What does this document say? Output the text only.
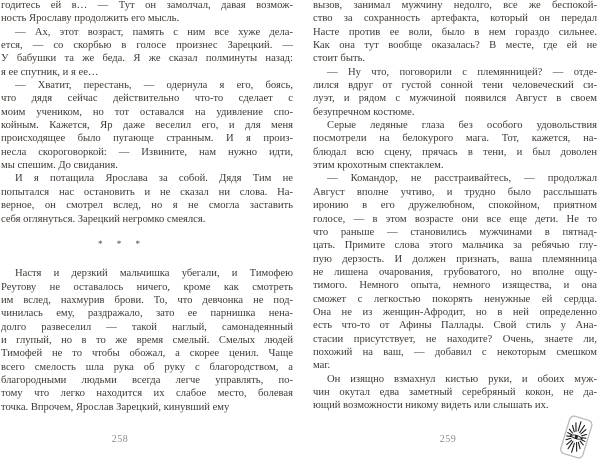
годитесь ей в… — Тут он замолчал, давая возмож-
ность Ярославу продолжить его мысль.
— Ах, этот возраст, память с ним все хуже дела-
ется, — со скорбью в голосе произнес Зарецкий. —
У бабушки та же беда. Я же сказал полминуты назад:
я ее спутник, и я ее…
— Хватит, перестань, — одернула я его, боясь,
что дядя сейчас действительно что-то сделает с
моим учеником, но тот оставался на удивление спо-
койным. Кажется, Яр даже веселил его, и для меня
происходящее было пугающе странным. И я произ-
несла скороговоркой: — Извините, нам нужно идти,
мы спешим. До свидания.
И я потащила Ярослава за собой. Дядя Тим не
попытался нас остановить и не сказал ни слова. На-
верное, он смотрел вслед, но я не смогла заставить
себя оглянуться. Зарецкий негромко смеялся.
* * *
Настя и дерзкий мальчишка убегали, и Тимофею
Реутову не оставалось ничего, кроме как смотреть
им вслед, нахмурив брови. То, что девчонка не под-
чинилась ему, раздражало, зато ее парнишка нена-
долго развеселил — такой наглый, самонадеянный
и глупый, но в то же время смелый. Смелых людей
Тимофей не то чтобы обожал, а скорее ценил. Чаще
всего смелость шла рука об руку с благородством, а
благородными людьми всегда легче управлять, по-
тому что легко находится их слабое место, болевая
точка. Впрочем, Ярослав Зарецкий, кинувший ему
258
вызов, занимал мужчину недолго, все же беспокой-
ство за сохранность артефакта, который он передал
Насте против ее воли, было в нем гораздо сильнее.
Как она тут вообще оказалась? В месте, где ей не
стоит быть.
— Ну что, поговорили с племянницей? — отде-
лился вдруг от густой сонной тени человеческий си-
луэт, и рядом с мужчиной появился Август в своем
безупречном костюме.
Серые ледяные глаза без особого удовольствия
посмотрели на белокурого мага. Тот, кажется, на-
блюдал всю сцену, прячась в тени, и был доволен
этим крохотным спектаклем.
— Командор, не расстраивайтесь, — продолжал
Август вполне учтиво, и трудно было расслышать
иронию в его дружелюбном, спокойном, приятном
голосе, — в этом возрасте они все еще дети. Не то
что раньше — становились мужчинами в пятнад-
цать. Примите слова этого мальчика за ребячью глу-
пую дерзость. И должен признать, ваша племянница
не лишена очарования, грубоватого, но вполне ощу-
тимого. Немного опыта, немного изящества, и она
сможет с легкостью покорять ненужные ей сердца.
Она не из женщин-Афродит, но в ней определенно
есть что-то от Афины Паллады. Свой стиль у Ана-
стасии присутствует, не находите? Очень, знаете ли,
похожий на ваш, — добавил с некоторым смешком
маг.
Он изящно взмахнул кистью руки, и обоих муж-
чин окутал едва заметный серебряный кокон, не да-
ющий возможности никому видеть или слышать их.
259
